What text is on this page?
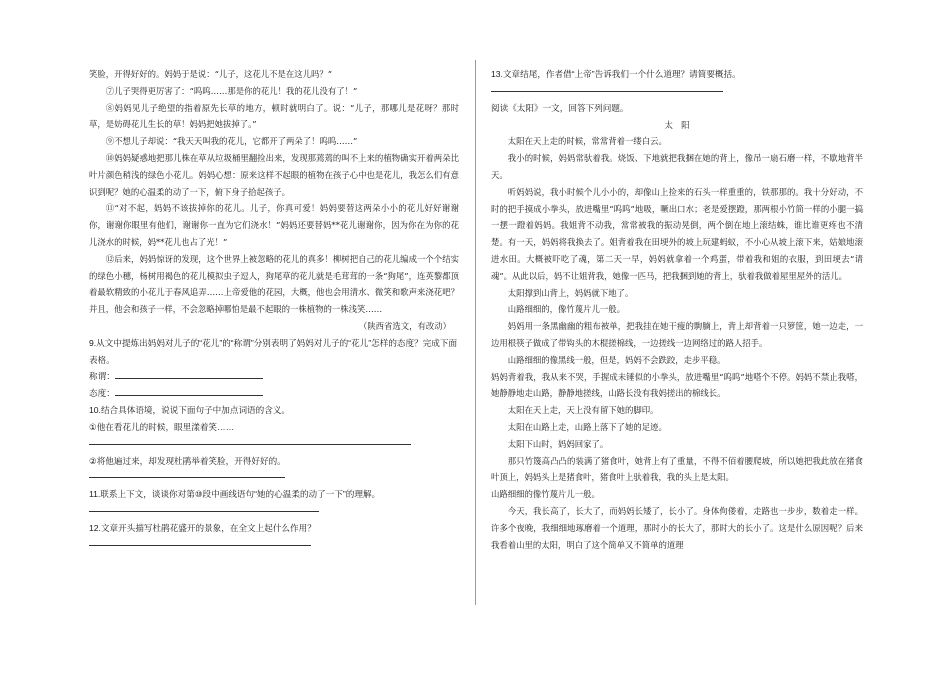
笑脸，开得好好的。妈妈于是说：“儿子，这花儿不是在这儿吗？”

⑦儿子哭得更厉害了：“呜呜……那是你的花儿！我的花儿没有了！”

⑧妈妈见儿子绝望的指着原先长草的地方，顿时就明白了。说：“儿子，那哪儿是花呀？那时草，是妨碍花儿生长的草！妈妈把她拔掉了。”

⑨不想儿子却说：“我天天叫我的花儿，它都开了两朵了！呜呜……”

⑩妈妈疑惑地把那儿株在草从垃圾桶里翻捡出来，发现那蔫蔫的叫不上来的植物确实开着两朵比叶片颜色稍浅的绿色小花儿。妈妈心想：原来这样不起眼的植物在孩子心中也是花儿，我怎么们有意识到呢？她的心温柔的动了一下，俯下身子拾起孩子。

⑪“对不起，妈妈不该拔掉你的花儿。儿子，你真可爱！妈妈要替这两朵小小的花儿好好谢谢你，谢谢你眼里有他们，谢谢你一直为它们浇水！”妈妈还要替妈**花儿谢谢你，因为你在为你的花儿浇水的时候，妈**花儿也占了光！”

⑫后来，妈妈惊讶的发现，这个世界上被忽略的花儿的真多！柳树把自己的花儿编成一个个结实的绿色小穗，杨树用褐色的花儿模拟虫子逗人，狗尾草的花儿就是毛茸茸的一条“狗尾”，连英黎都顶着最软精致的小花儿于春风追弄……上帝爱他的花园，大概，他也会用清水、微笑和歌声来浇花吧？并且，他会和孩子一样，不会忽略掉哪怕是最不起眼的一株植物的一株浅笑……

（陕西省选文，有改动）

9.从文中提炼出妈妈对儿子的“花儿”的“称谓”分别表明了妈妈对儿子的“花儿”怎样的态度？完成下面表格。

称谓：

态度：

10.结合具体语境，说说下面句子中加点词语的含义。

①他在看花儿的时候，眼里漾着笑……

②将他遍过来，却发现杜鹃举着笑脸，开得好好的。

11.联系上下文，谈谈你对第⑩段中画线语句“她的心温柔的动了一下”的理解。

12.文章开头描写杜鹃花盛开的景象，在全文上起什么作用？

13.文章结尾，作者借“上帝”告诉我们一个什么道理？请简要概括。

阅读《太阳》一文，回答下列问题。

太　阳

太阳在天上走的时候，常常背着一缕白云。

我小的时候，妈妈常驮着我。烧饭、下地就把我捆在她的背上，像吊一扇石磨一样，不歇地背半天。

听妈妈说，我小时候个儿小小的，却像山上捡来的石头一样重重的，铁那那的。我十分好动，不时的把手摸成小拳头，放进嘴里“呜呜”地吸，噘出口水；老是爱摆蹬，那两根小竹简一样的小腿一搞一摆一蹬着妈妈。我姐背不动我，常常被我的振动晃倒，两个倒在地上滚结蛛，谁比谁更疼也不清楚。有一天，妈妈将我换去了。姐背着我在田埂外的坡上玩建蚂蚁，不小心从坡上滚下来，姑娘地滚进水田。大概被吓吃了魂，第二天一早，妈妈就拿着一个鸡蛋，带着我和姐的衣服，到田埂去“请魂”。从此以后，妈不让姐背我，她像一匹马，把我捆到她的背上，驮着我做着屋里屋外的活儿。

太阳撑到山背上，妈妈就下地了。

山路细细的，像竹蔑片儿一般。

妈妈用一条黑幽幽的粗布被单，把我挂在她干瘦的駒腩上，背上却背着一只箩筐，她一边走，一边用根筷子做成了带钩头的木棍搓棉线，一边搓线一边网络过的路人招手。

山路细细的像黑线一般，但是，妈妈不会跌跤，走步平稳。

妈妈背着我，我从来不哭，手握成未锤似的小拳头，放进嘴里“呜呜”地嗒个不停。妈妈不禁止我嗒，她静静地走山路，静静地搓线，山路长没有我妈搓出的棉线长。

太阳在天上走，天上没有留下她的脚印。

太阳在山路上走，山路上落下了她的足迹。

太阳下山时，妈妈回家了。

那只竹篾高凸凸的装满了猪食叶，她背上有了重量，不得不佰着腰爬坡，所以她把我此放在猪食叶顶上，妈妈头上是猪食叶，猪食叶上驮着我，我的头上是太阳。

山路细细的像竹蔑片儿一般。

今天，我长高了，长大了，而妈妈长矮了，长小了。身体佝偻着，走路也一步步，数着走一样。许多个夜晚，我细细地琢磨着一个道理，那时小的长大了，那时大的长小了。这是什么原因呢？后来我看着山里的太阳，明白了这个简单又不简单的道理
